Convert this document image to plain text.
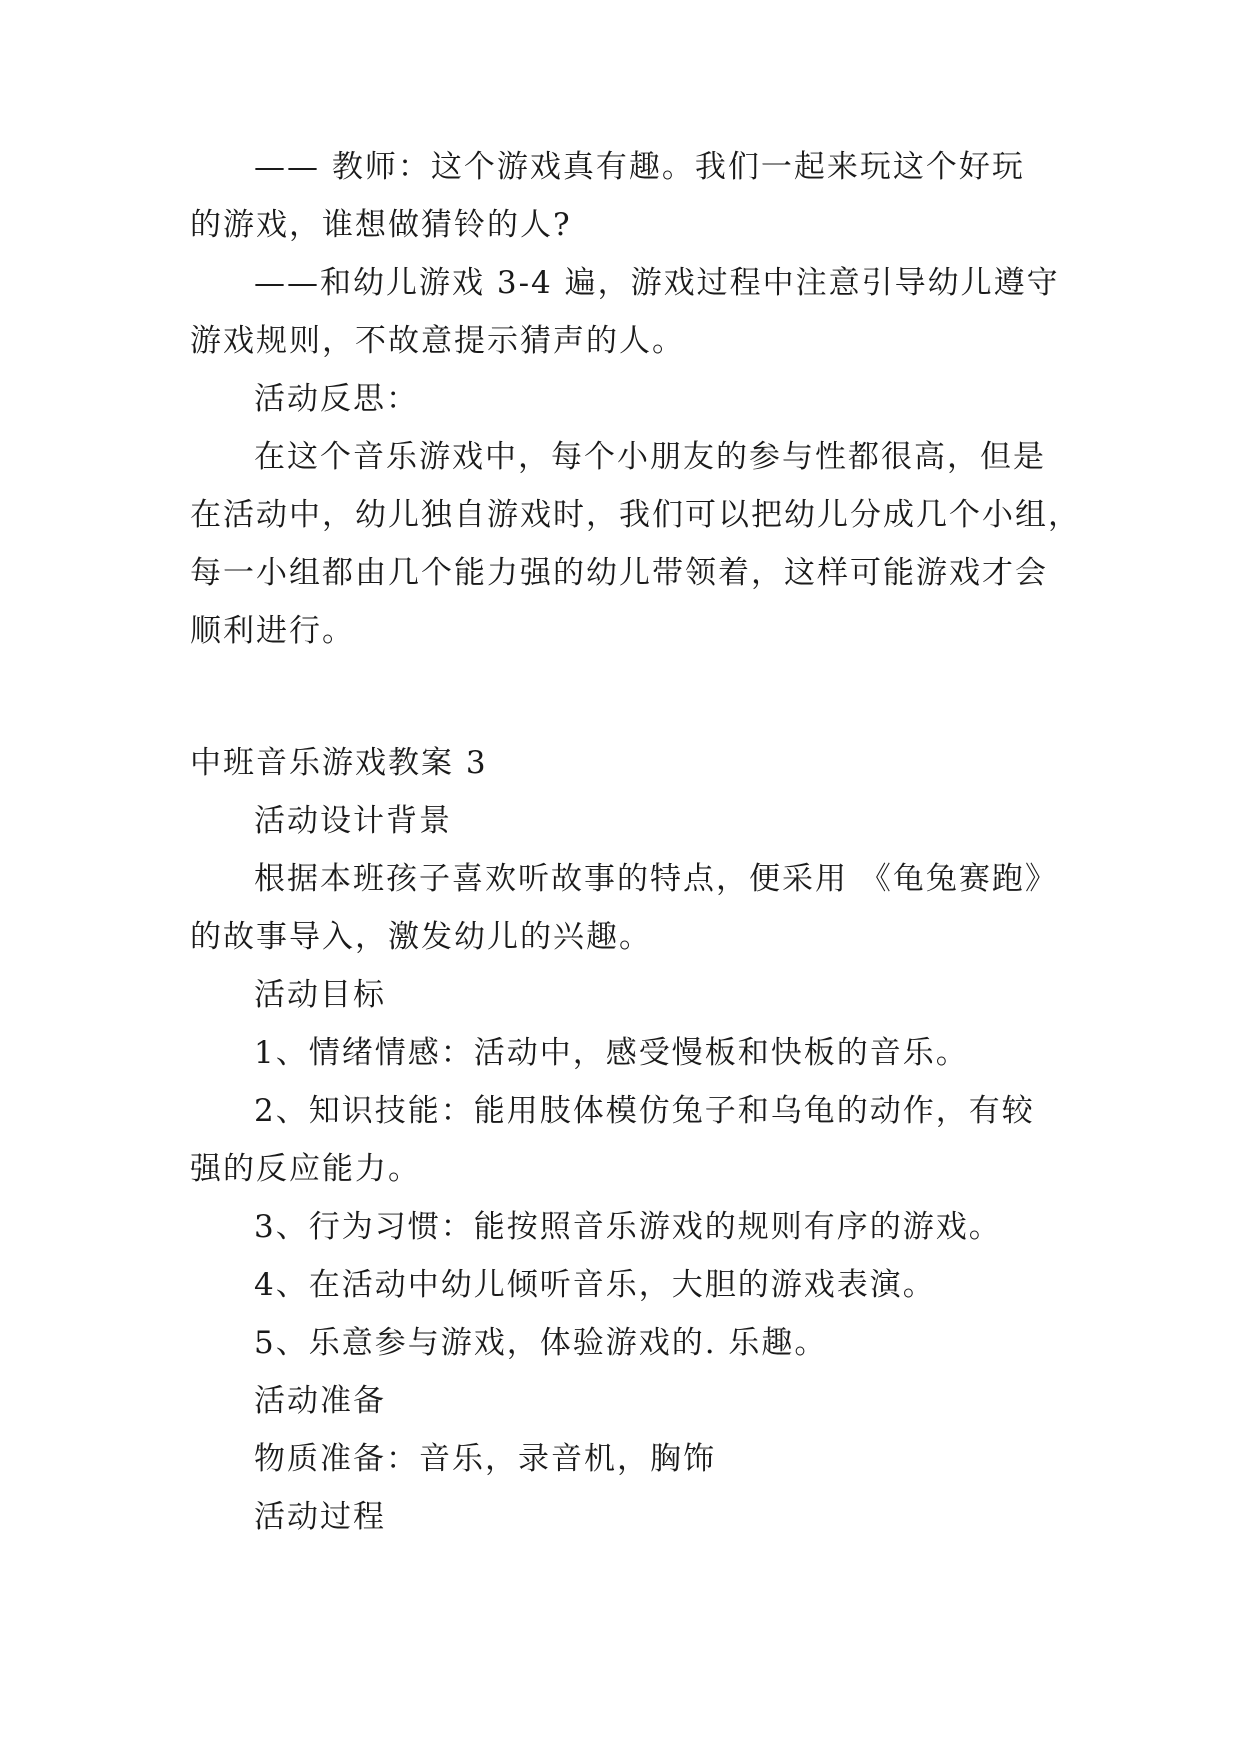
—— 教师：这个游戏真有趣。我们一起来玩这个好玩
的游戏，谁想做猜铃的人?
——和幼儿游戏 3-4 遍，游戏过程中注意引导幼儿遵守
游戏规则，不故意提示猜声的人。
活动反思：
在这个音乐游戏中，每个小朋友的参与性都很高，但是
在活动中，幼儿独自游戏时，我们可以把幼儿分成几个小组，
每一小组都由几个能力强的幼儿带领着，这样可能游戏才会
顺利进行。
中班音乐游戏教案 3
活动设计背景
根据本班孩子喜欢听故事的特点，便采用 《龟兔赛跑》
的故事导入，激发幼儿的兴趣。
活动目标
1、情绪情感：活动中，感受慢板和快板的音乐。
2、知识技能：能用肢体模仿兔子和乌龟的动作，有较
强的反应能力。
3、行为习惯：能按照音乐游戏的规则有序的游戏。
4、在活动中幼儿倾听音乐，大胆的游戏表演。
5、乐意参与游戏，体验游戏的. 乐趣。
活动准备
物质准备：音乐，录音机，胸饰
活动过程
